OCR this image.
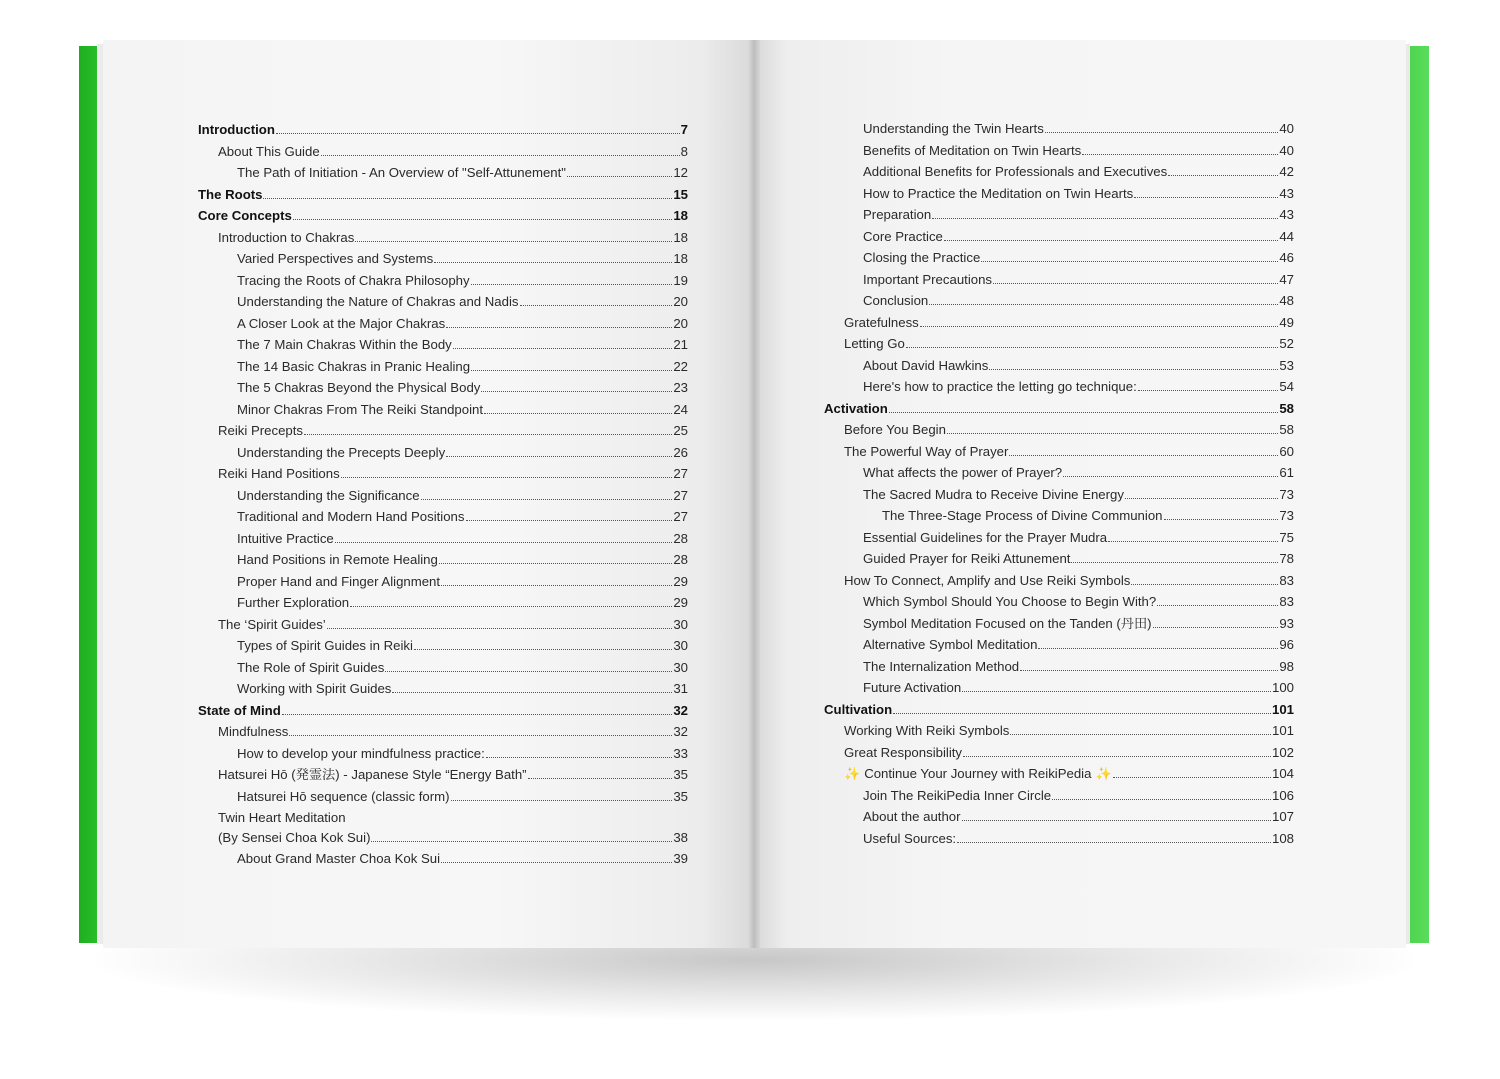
Introduction	7
About This Guide	8
The Path of Initiation - An Overview of "Self-Attunement"	12
The Roots	15
Core Concepts	18
Introduction to Chakras	18
Varied Perspectives and Systems	18
Tracing the Roots of Chakra Philosophy	19
Understanding the Nature of Chakras and Nadis	20
A Closer Look at the Major Chakras	20
The 7 Main Chakras Within the Body	21
The 14 Basic Chakras in Pranic Healing	22
The 5 Chakras Beyond the Physical Body	23
Minor Chakras From The Reiki Standpoint	24
Reiki Precepts	25
Understanding the Precepts Deeply	26
Reiki Hand Positions	27
Understanding the Significance	27
Traditional and Modern Hand Positions	27
Intuitive Practice	28
Hand Positions in Remote Healing	28
Proper Hand and Finger Alignment	29
Further Exploration	29
The ‘Spirit Guides’	30
Types of Spirit Guides in Reiki	30
The Role of Spirit Guides	30
Working with Spirit Guides	31
State of Mind	32
Mindfulness	32
How to develop your mindfulness practice:	33
Hatsurei Hō (発霊法) - Japanese Style “Energy Bath”	35
Hatsurei Hō sequence (classic form)	35
Twin Heart Meditation
(By Sensei Choa Kok Sui)	38
About Grand Master Choa Kok Sui	39
Understanding the Twin Hearts	40
Benefits of Meditation on Twin Hearts	40
Additional Benefits for Professionals and Executives	42
How to Practice the Meditation on Twin Hearts	43
Preparation	43
Core Practice	44
Closing the Practice	46
Important Precautions	47
Conclusion	48
Gratefulness	49
Letting Go	52
About David Hawkins	53
Here's how to practice the letting go technique:	54
Activation	58
Before You Begin	58
The Powerful Way of Prayer	60
What affects the power of Prayer?	61
The Sacred Mudra to Receive Divine Energy	73
The Three-Stage Process of Divine Communion	73
Essential Guidelines for the Prayer Mudra	75
Guided Prayer for Reiki Attunement	78
How To Connect, Amplify and Use Reiki Symbols	83
Which Symbol Should You Choose to Begin With?	83
Symbol Meditation Focused on the Tanden (丹田)	93
Alternative Symbol Meditation	96
The Internalization Method	98
Future Activation	100
Cultivation	101
Working With Reiki Symbols	101
Great Responsibility	102
✨ Continue Your Journey with ReikiPedia ✨	104
Join The ReikiPedia Inner Circle	106
About the author	107
Useful Sources:	108
